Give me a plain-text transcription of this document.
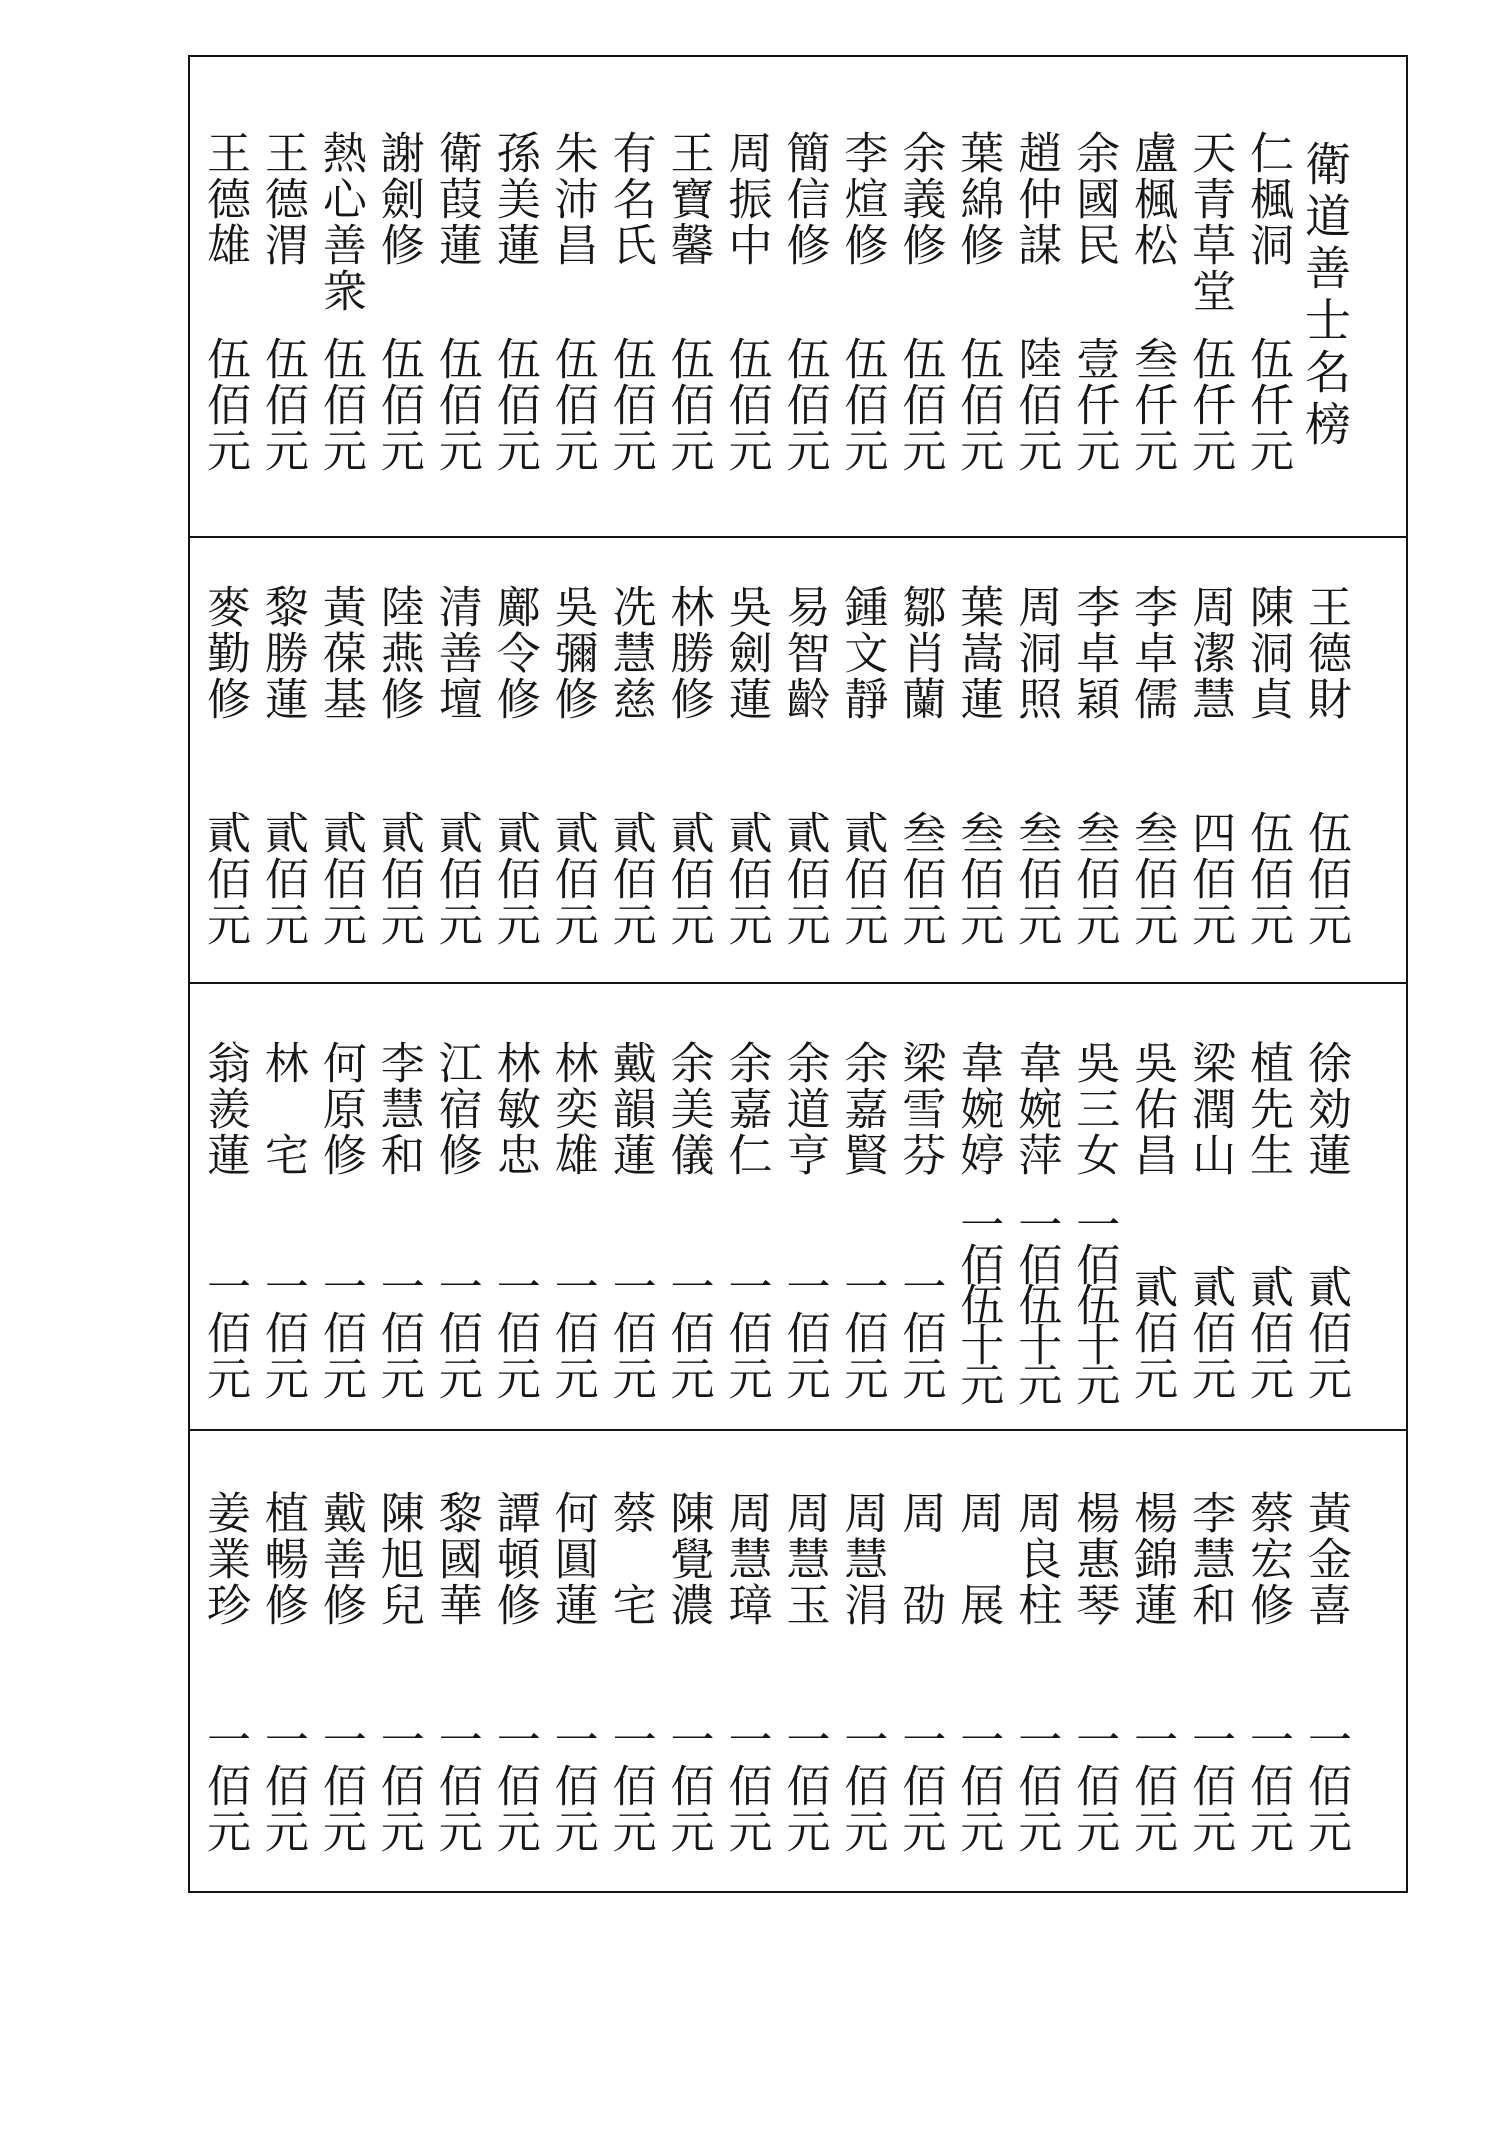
衛道善士名榜
仁楓洞
伍仟元
天青草堂
伍仟元
盧楓松
叁仟元
余國民
壹仟元
趙仲謀
陸佰元
葉綿修
伍佰元
余義修
伍佰元
李煊修
伍佰元
簡信修
伍佰元
周振中
伍佰元
王寶馨
伍佰元
有名氏
伍佰元
朱沛昌
伍佰元
孫美蓮
伍佰元
衛葭蓮
伍佰元
謝劍修
伍佰元
熱心善衆
伍佰元
王德渭
伍佰元
王德雄
伍佰元
王德財
伍佰元
陳洞貞
伍佰元
周潔慧
四佰元
李卓儒
叁佰元
李卓穎
叁佰元
周洞照
叁佰元
葉嵩蓮
叁佰元
鄒肖蘭
叁佰元
鍾文靜
貳佰元
易智齡
貳佰元
吳劍蓮
貳佰元
林勝修
貳佰元
冼慧慈
貳佰元
吳彌修
貳佰元
鄺令修
貳佰元
清善壇
貳佰元
陸燕修
貳佰元
黃葆基
貳佰元
黎勝蓮
貳佰元
麥勤修
貳佰元
徐効蓮
貳佰元
植先生
貳佰元
梁潤山
貳佰元
吳佑昌
貳佰元
吳三女
一佰伍十元
韋婉萍
一佰伍十元
韋婉婷
一佰伍十元
梁雪芬
一佰元
余嘉賢
一佰元
余道亨
一佰元
余嘉仁
一佰元
余美儀
一佰元
戴韻蓮
一佰元
林奕雄
一佰元
林敏忠
一佰元
江宿修
一佰元
李慧和
一佰元
何原修
一佰元
林宅
一佰元
翁羨蓮
一佰元
黃金喜
一佰元
蔡宏修
一佰元
李慧和
一佰元
楊錦蓮
一佰元
楊惠琴
一佰元
周良柱
一佰元
周展
一佰元
周劭
一佰元
周慧涓
一佰元
周慧玉
一佰元
周慧璋
一佰元
陳覺濃
一佰元
蔡宅
一佰元
何圓蓮
一佰元
譚頓修
一佰元
黎國華
一佰元
陳旭兒
一佰元
戴善修
一佰元
植暢修
一佰元
姜業珍
一佰元
